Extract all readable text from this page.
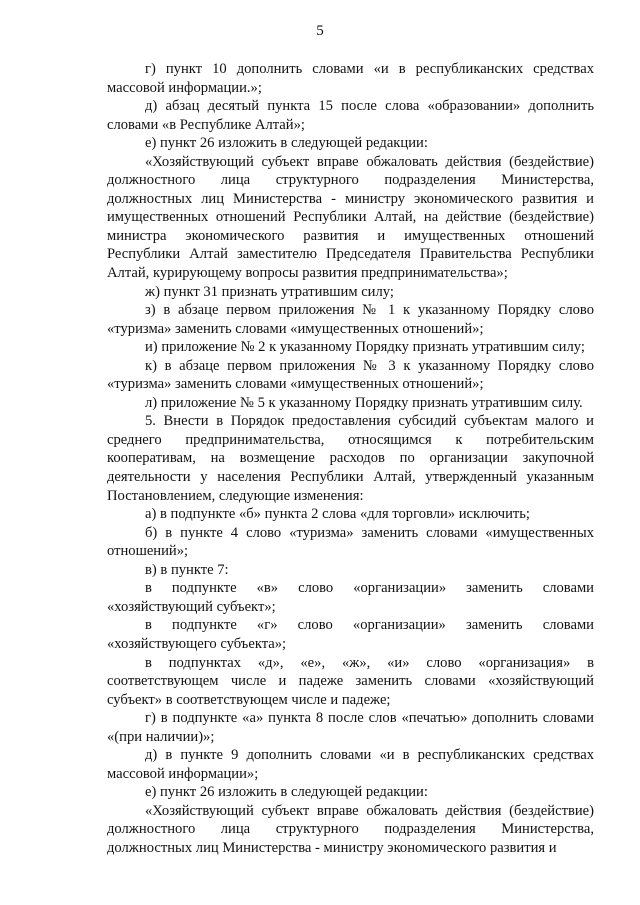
5

г) пункт 10 дополнить словами «и в республиканских средствах массовой информации.»;

д) абзац десятый пункта 15 после слова «образовании» дополнить словами «в Республике Алтай»;

е) пункт 26 изложить в следующей редакции:

«Хозяйствующий субъект вправе обжаловать действия (бездействие) должностного лица структурного подразделения Министерства, должностных лиц Министерства - министру экономического развития и имущественных отношений Республики Алтай, на действие (бездействие) министра экономического развития и имущественных отношений Республики Алтай заместителю Председателя Правительства Республики Алтай, курирующему вопросы развития предпринимательства»;

ж) пункт 31 признать утратившим силу;

з) в абзаце первом приложения № 1 к указанному Порядку слово «туризма» заменить словами «имущественных отношений»;

и) приложение № 2 к указанному Порядку признать утратившим силу;

к) в абзаце первом приложения № 3 к указанному Порядку слово «туризма» заменить словами «имущественных отношений»;

л) приложение № 5 к указанному Порядку признать утратившим силу.

5. Внести в Порядок предоставления субсидий субъектам малого и среднего предпринимательства, относящимся к потребительским кооперативам, на возмещение расходов по организации закупочной деятельности у населения Республики Алтай, утвержденный указанным Постановлением, следующие изменения:

а) в подпункте «б» пункта 2 слова «для торговли» исключить;

б) в пункте 4 слово «туризма» заменить словами «имущественных отношений»;

в) в пункте 7:

в подпункте «в» слово «организации» заменить словами «хозяйствующий субъект»;

в подпункте «г» слово «организации» заменить словами «хозяйствующего субъекта»;

в подпунктах «д», «е», «ж», «и» слово «организация» в соответствующем числе и падеже заменить словами «хозяйствующий субъект» в соответствующем числе и падеже;

г) в подпункте «а» пункта 8 после слов «печатью» дополнить словами «(при наличии)»;

д) в пункте 9 дополнить словами «и в республиканских средствах массовой информации»;

е) пункт 26 изложить в следующей редакции:

«Хозяйствующий субъект вправе обжаловать действия (бездействие) должностного лица структурного подразделения Министерства, должностных лиц Министерства - министру экономического развития и
